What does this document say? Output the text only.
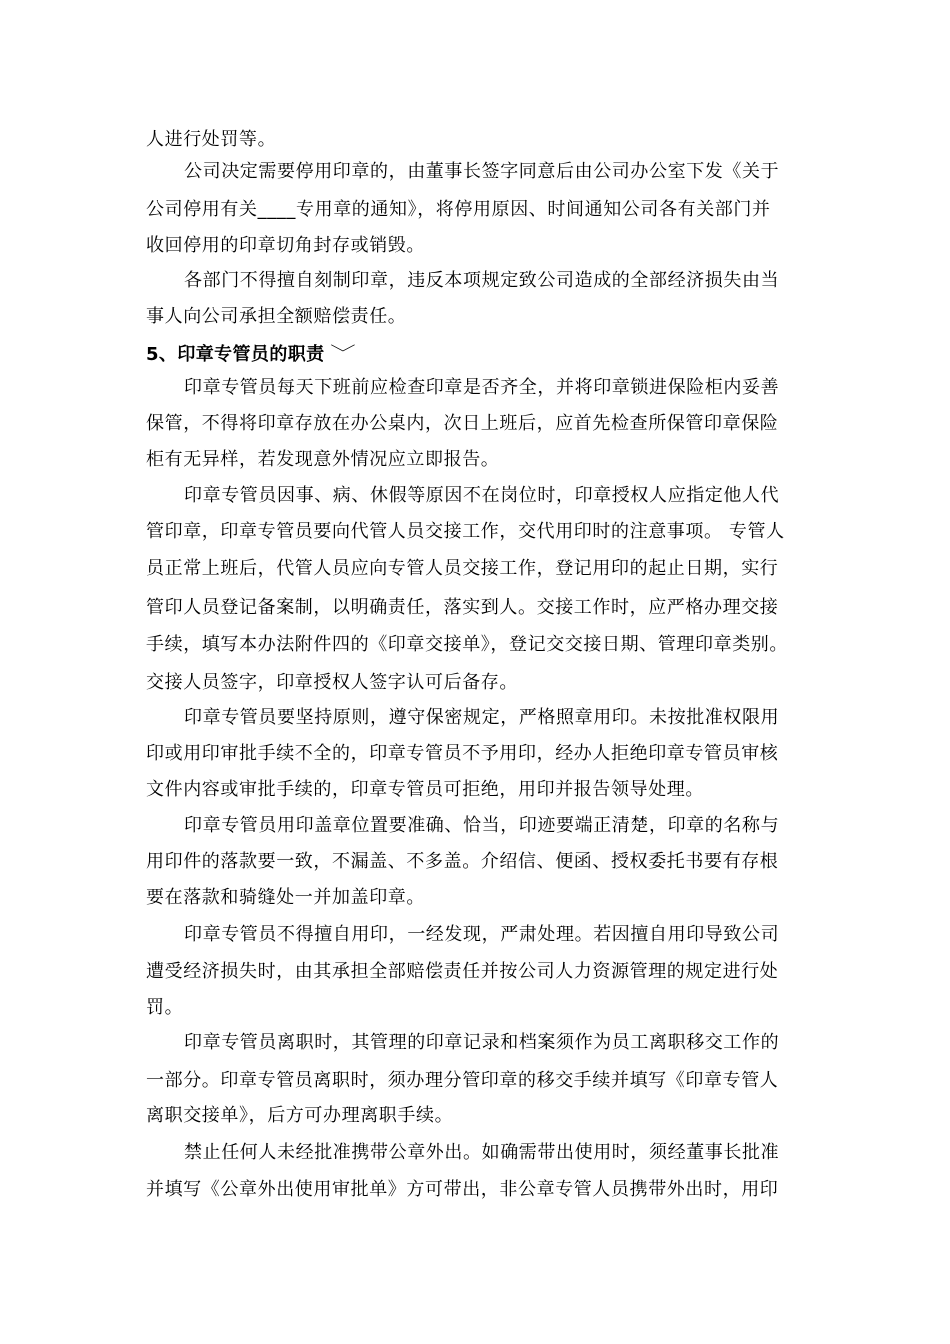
人进行处罚等。
公司决定需要停用印章的，由董事长签字同意后由公司办公室下发《关于
公司停用有关____专用章的通知》，将停用原因、时间通知公司各有关部门并
收回停用的印章切角封存或销毁。
各部门不得擅自刻制印章，违反本项规定致公司造成的全部经济损失由当
事人向公司承担全额赔偿责任。
5、印章专管员的职责 ﹀
印章专管员每天下班前应检查印章是否齐全，并将印章锁进保险柜内妥善
保管，不得将印章存放在办公桌内，次日上班后，应首先检查所保管印章保险
柜有无异样，若发现意外情况应立即报告。
印章专管员因事、病、休假等原因不在岗位时，印章授权人应指定他人代
管印章，印章专管员要向代管人员交接工作，交代用印时的注意事项。 专管人
员正常上班后，代管人员应向专管人员交接工作，登记用印的起止日期，实行
管印人员登记备案制，以明确责任，落实到人。交接工作时，应严格办理交接
手续，填写本办法附件四的《印章交接单》，登记交交接日期、管理印章类别。
交接人员签字，印章授权人签字认可后备存。
印章专管员要坚持原则，遵守保密规定，严格照章用印。未按批准权限用
印或用印审批手续不全的，印章专管员不予用印，经办人拒绝印章专管员审核
文件内容或审批手续的，印章专管员可拒绝，用印并报告领导处理。
印章专管员用印盖章位置要准确、恰当，印迹要端正清楚，印章的名称与
用印件的落款要一致，不漏盖、不多盖。介绍信、便函、授权委托书要有存根
要在落款和骑缝处一并加盖印章。
印章专管员不得擅自用印，一经发现，严肃处理。若因擅自用印导致公司
遭受经济损失时，由其承担全部赔偿责任并按公司人力资源管理的规定进行处
罚。
印章专管员离职时，其管理的印章记录和档案须作为员工离职移交工作的
一部分。印章专管员离职时，须办理分管印章的移交手续并填写《印章专管人
离职交接单》，后方可办理离职手续。
禁止任何人未经批准携带公章外出。如确需带出使用时，须经董事长批准
并填写《公章外出使用审批单》方可带出，非公章专管人员携带外出时，用印
